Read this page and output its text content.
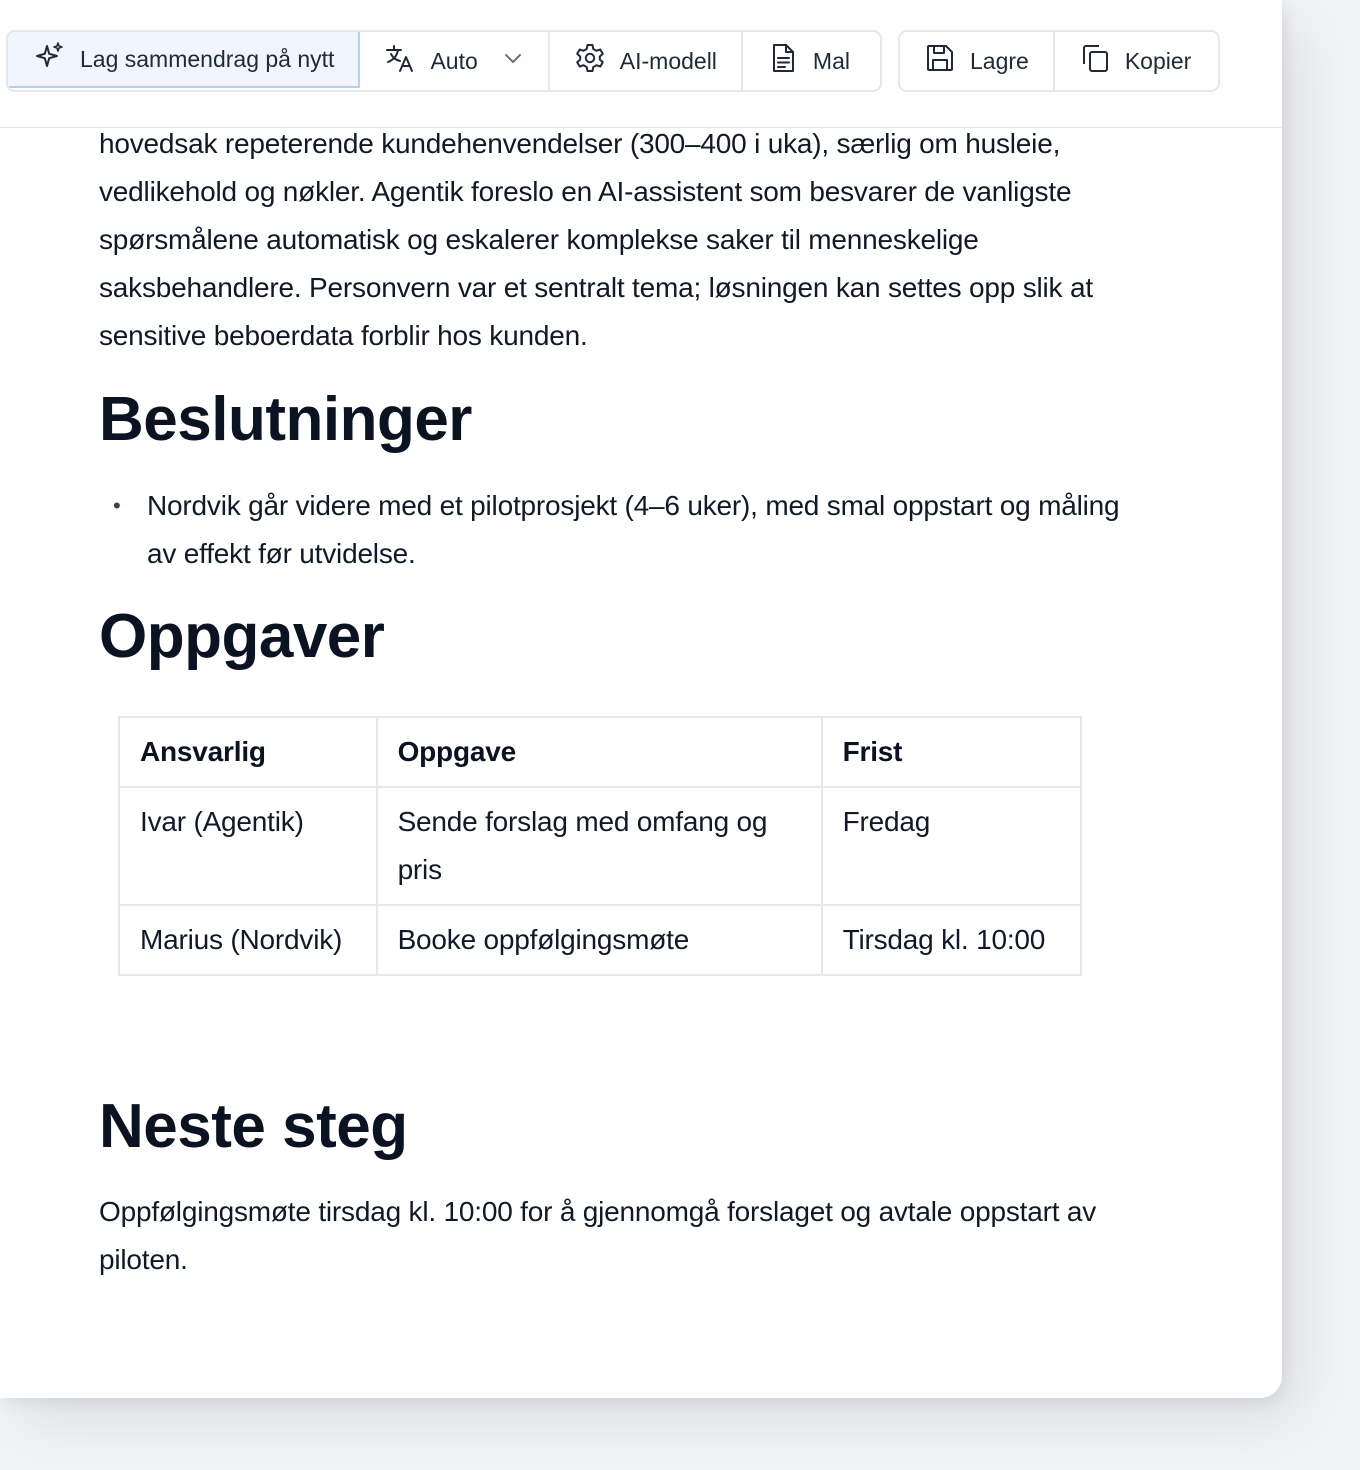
Lag sammendrag på nytt	Auto	AI-modell	Mal	Lagre	Kopier

hovedsak repeterende kundehenvendelser (300–400 i uka), særlig om husleie, vedlikehold og nøkler. Agentik foreslo en AI-assistent som besvarer de vanligste spørsmålene automatisk og eskalerer komplekse saker til menneskelige saksbehandlere. Personvern var et sentralt tema; løsningen kan settes opp slik at sensitive beboerdata forblir hos kunden.

Beslutninger
• Nordvik går videre med et pilotprosjekt (4–6 uker), med smal oppstart og måling av effekt før utvidelse.
Oppgaver
Ansvarlig	Oppgave	Frist
Ivar (Agentik)	Sende forslag med omfang og pris	Fredag
Marius (Nordvik)	Booke oppfølgingsmøte	Tirsdag kl. 10:00
Neste steg

Oppfølgingsmøte tirsdag kl. 10:00 for å gjennomgå forslaget og avtale oppstart av piloten.
